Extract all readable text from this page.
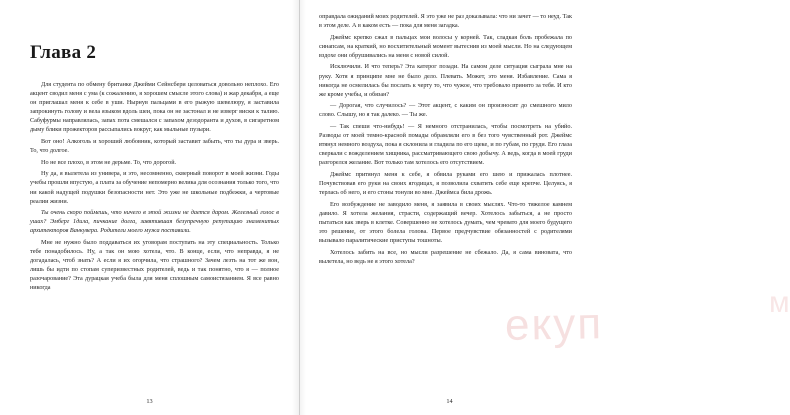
Глава 2

Для студента по обмену британке Джейми Сейнсбери целоваться довольно неплохо. Его акцент сводил меня с ума (к сожалению, я хорошем смысле этого слова) и жар декабря, а еще он приглашал меня к себе в уши. Нырнув пальцами в его рыжую шевелюру, я заставила запрокинуть голову и вела языком вдоль шеи, пока он не застонал и не изверг виски к талию. Сабуфурмы направлялась, запах пота смешался с запахом дезодоранта и духов, в сигаретном дыму блики прожекторов рассыпались вокруг, как мыльные пузыри.

Вот оно! Алкоголь и хороший любовник, который заставит забыть, что ты дура и зверь. То, что долгое.

Но не все плохо, в этом не дерьме. То, что дорогой.

Ну да, я вылетела из универа, и это, несомненно, скверный поворот в моей жизни. Годы учебы прошли впустую, а плата за обучение непомерно велика для осознания только того, что ни какой надущей подушки безопасности нет. Это уже не школьные подбежки, а чертовые реалии жизни.

Ты очень скоро поймешь, что ничего в этой жизни не дается даром. Железный голос в ушах? Эмберг 1дила, пичкание долга, завятившая безупречную репутацию знаменитых архитекторов Ванкувера. Родители моего мужа поставили.

Мне не нужно было поддаваться их уговорам поступать на эту специальность. Только тебе понадобилось. Ну, а так он мою хотела, что. В конце, если, что неправда, я не догадалась, чтоб знать? А если я их огорчила, что страшного? Зачем лезть на тот же вон, лишь бы идти по стопам суперизвестных родителей, ведь и так понятно, что я — полное разочарование? Эта дурацкая учеба была для меня сплошным самоистязанием. Я все равно никогда

оправдала ожиданий моих родителей. Я это уже не раз доказывала: что ни зачет — то неуд. Так в этом деле. А в каком есть — пока для меня загадка.

Джеймс крепко сжал в пальцах мои волосы у корней. Так, сладкая боль пробежала по синапсам, на краткий, но восхитительный момент вытеснив из моей мысли. Но на следующем вздохе они обрушивались на меня с новой силой.

Исключили. И что теперь? Эта катерог позади. На самом деле ситуация сыграла мне на руку. Хотя я принципе мне не было дело. Плевать. Может, это меня. Избавление. Сама я никогда не осмелилась бы послать к черту то, что чужое, что требовало принято за тебя. И кто же кроме учебы, и обязан?

— Дорогая, что случилось? — Этот акцент, с каким он произносит до смешного мило слово. Слышу, но я так далеко. — Ты же.

— Так спеши что-нибудь! — Я немного отстранилась, чтобы посмотреть на убийо. Разводы от моей темно-красной помады обрамляли его в без того чувственный рот. Джеймс втянул немного воздуха, пока я склонила и гладила по его щеке, и по губам, по груди. Его глаза сверкали с вожделением хищника, рассматривающего свою добычу. А ведь, когда в моей груди разгорелся желание. Вот только там хотелось его отсутствием.

Джеймс притянул меня к себе, я обвила руками его шею и прижалась плотнее. Почувствовав его руки на своих ягодицах, я позволила схватить себе еще крепче. Целуясь, я терлась об него, и его стоны тонули во мне. Джеймса била дрожь.

Его возбуждение не заводило меня, я заявила в своих мыслях. Что-то тяжелое камнем давило. Я хотела желания, страсти, содержащий вечер. Хотелось забыться, а не просто пытаться как зверь в клетке. Совершенно не хотелось думать, чем чревато для моего будущего это решение, от этого болела голова. Первое предчувствие обязанностей с родителями вызывало паралитические приступы тошноты.

Хотелось забить на все, но мысли разрешение не сбежало. Да, я сама виновата, что вылетела, но ведь не я этого хотела?

екуп	м
13	14
